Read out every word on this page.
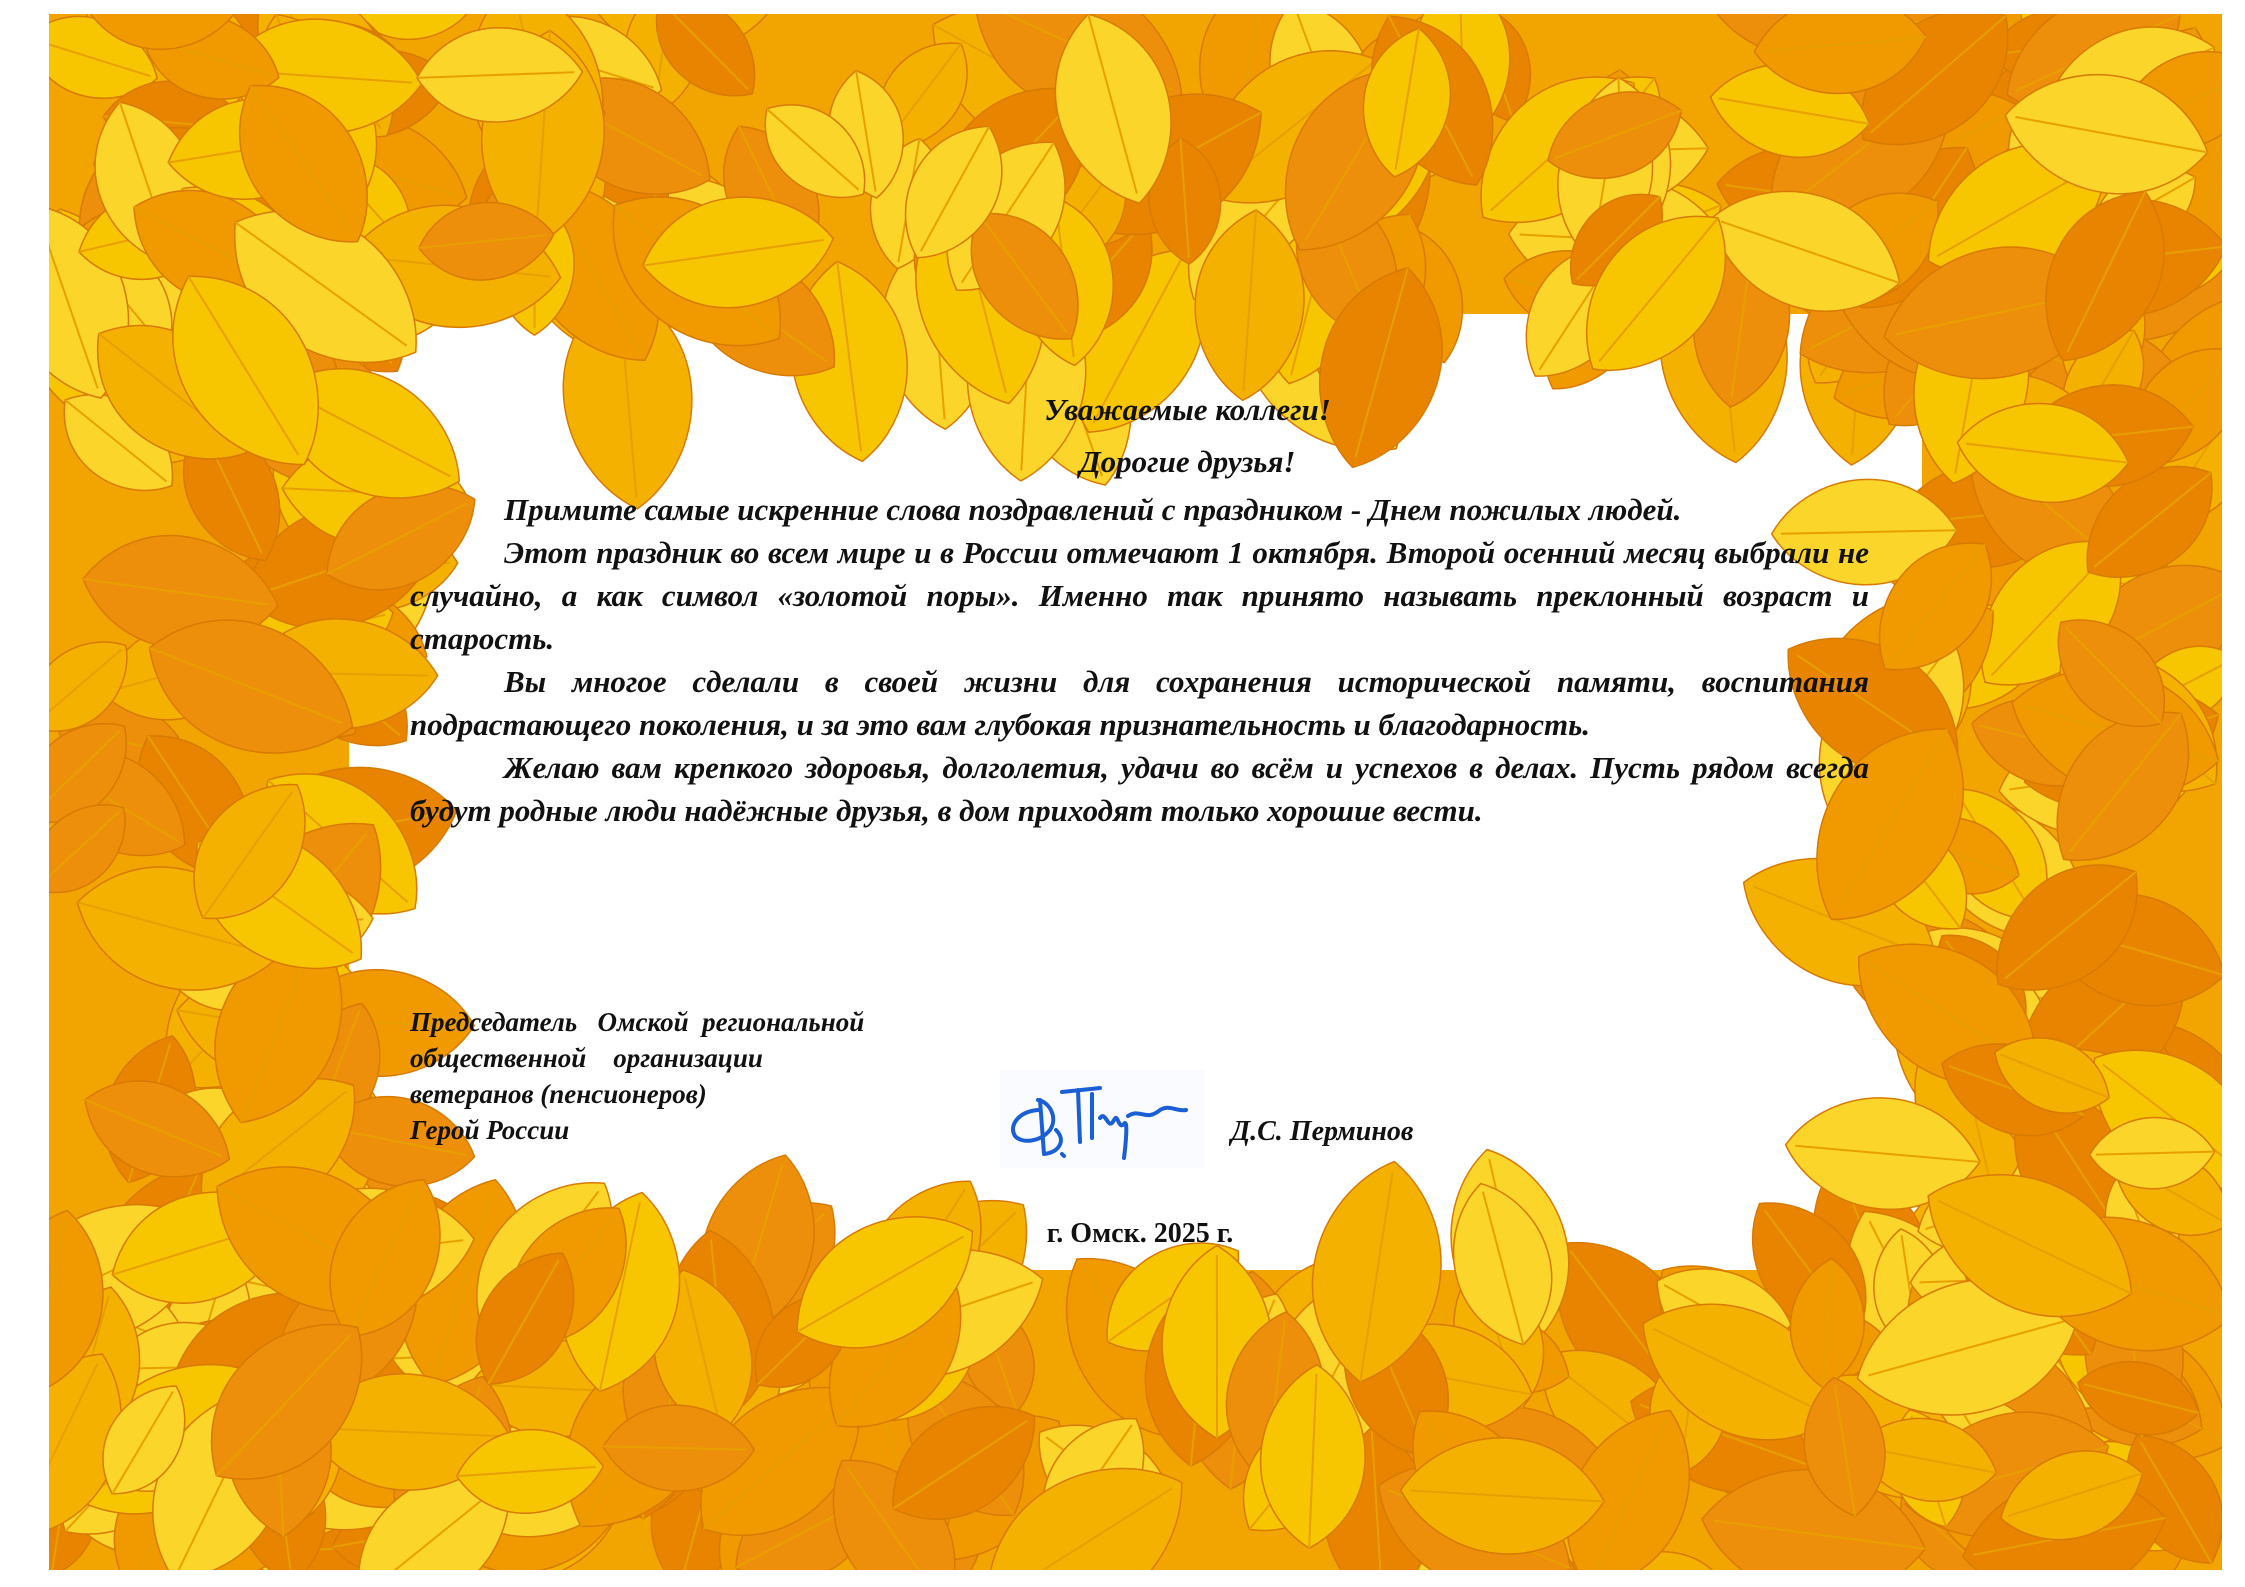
Уважаемые коллеги!
Дорогие друзья!

Примите самые искренние слова поздравлений с праздником - Днем пожилых людей.

Этот праздник во всем мире и в России отмечают 1 октября. Второй осенний месяц выбрали не случайно, а как символ «золотой поры». Именно так принято называть преклонный возраст и старость.

Вы многое сделали в своей жизни для сохранения исторической памяти, воспитания подрастающего поколения, и за это вам глубокая признательность и благодарность.

Желаю вам крепкого здоровья, долголетия, удачи во всём и успехов в делах. Пусть рядом всегда будут родные люди надёжные друзья, в дом приходят только хорошие вести.

Председатель   Омской  региональной
общественной    организации
ветеранов (пенсионеров)
Герой России	Д.С. Перминов
г. Омск. 2025 г.
